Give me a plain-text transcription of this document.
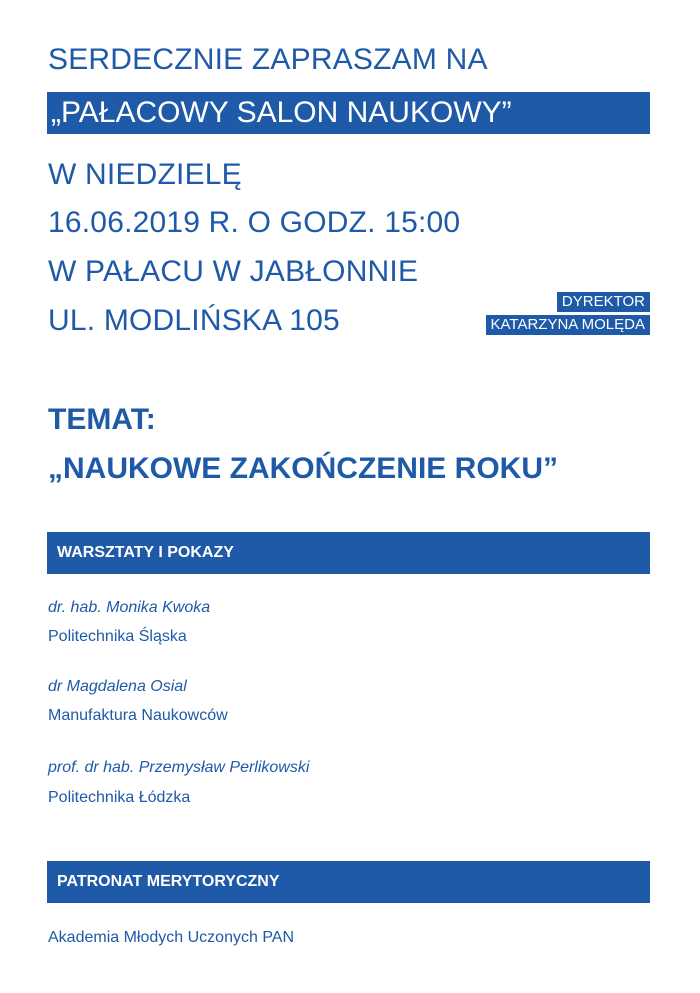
SERDECZNIE ZAPRASZAM NA
„PAŁACOWY SALON NAUKOWY”
W NIEDZIELĘ
16.06.2019 R. O GODZ. 15:00
W PAŁACU W JABŁONNIE
UL. MODLIŃSKA 105
DYREKTOR
KATARZYNA MOLĘDA
TEMAT:
„NAUKOWE ZAKOŃCZENIE ROKU”
WARSZTATY I POKAZY
dr. hab. Monika Kwoka
Politechnika Śląska
dr Magdalena Osial
Manufaktura Naukowców
prof. dr hab. Przemysław Perlikowski
Politechnika Łódzka
PATRONAT MERYTORYCZNY
Akademia Młodych Uczonych PAN
